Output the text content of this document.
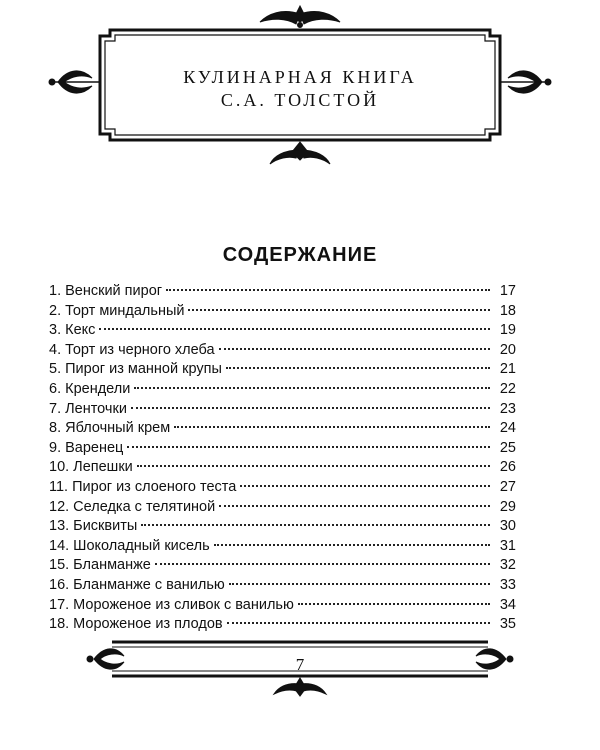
КУЛИНАРНАЯ КНИГА
С.А. ТОЛСТОЙ
СОДЕРЖАНИЕ
1. Венский пирог	17
2. Торт миндальный	18
3. Кекс	19
4. Торт из черного хлеба	20
5. Пирог из манной крупы	21
6. Крендели	22
7. Ленточки	23
8. Яблочный крем	24
9. Варенец	25
10. Лепешки	26
11. Пирог из слоеного теста	27
12. Селедка с телятиной	29
13. Бисквиты	30
14. Шоколадный кисель	31
15. Бланманже	32
16. Бланманже с ванилью	33
17. Мороженое из сливок с ванилью	34
18. Мороженое из плодов	35
7
